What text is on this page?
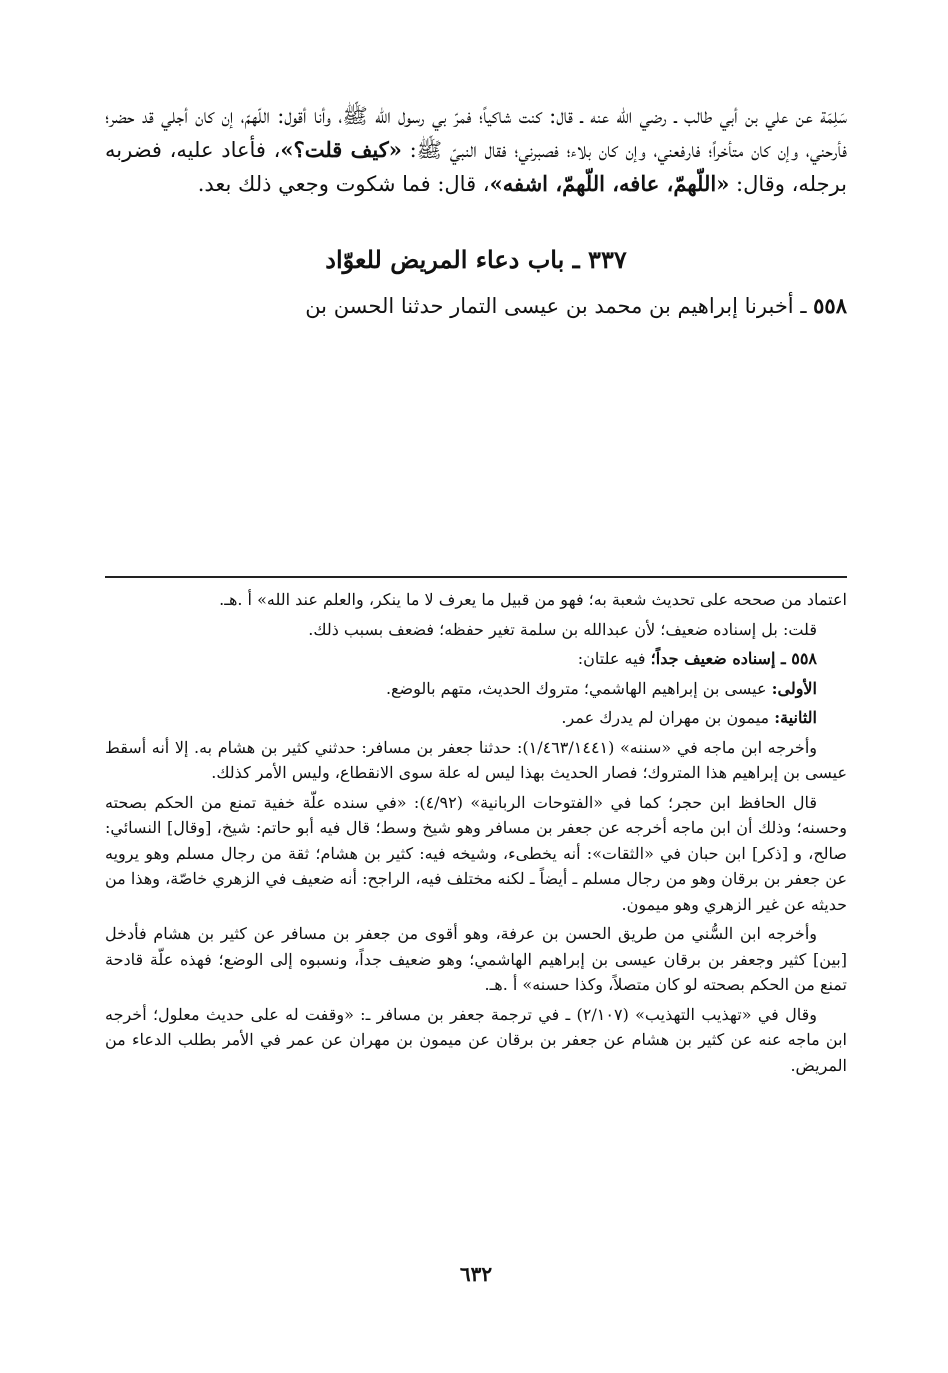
سَلِمَة عن علي بن أبي طالب ـ رضي الله عنه ـ قال: كنت شاكياً؛ فمرّ بي رسول الله ﷺ، وأنا أقول: اللّهمّ، إن كان أجلي قد حضر؛ فأرحني، وإن كان متأخراً؛ فارفعني، وإن كان بلاء؛ فصبرني؛ فقال النبيّ ﷺ: «كيف قلت؟»، فأعاد عليه، فضربه برجله، وقال: «اللّهمّ، عافه، اللّهمّ، اشفه»، قال: فما شكوت وجعي ذلك بعد.

٣٣٧ ـ باب دعاء المريض للعوّاد

٥٥٨ ـ أخبرنا إبراهيم بن محمد بن عيسى التمار حدثنا الحسن بن

اعتماد من صححه على تحديث شعبة به؛ فهو من قبيل ما يعرف لا ما ينكر، والعلم عند الله» أ .هـ.

قلت: بل إسناده ضعيف؛ لأن عبدالله بن سلمة تغير حفظه؛ فضعف بسبب ذلك.

٥٥٨ ـ إسناده ضعيف جداً؛ فيه علتان:

الأولى: عيسى بن إبراهيم الهاشمي؛ متروك الحديث، متهم بالوضع.

الثانية: ميمون بن مهران لم يدرك عمر.

وأخرجه ابن ماجه في «سننه» (١/٤٦٣/١٤٤١): حدثنا جعفر بن مسافر: حدثني كثير بن هشام به. إلا أنه أسقط عيسى بن إبراهيم هذا المتروك؛ فصار الحديث بهذا ليس له علة سوى الانقطاع، وليس الأمر كذلك.

قال الحافظ ابن حجر؛ كما في «الفتوحات الربانية» (٤/٩٢): «في سنده علّة خفية تمنع من الحكم بصحته وحسنه؛ وذلك أن ابن ماجه أخرجه عن جعفر بن مسافر وهو شيخ وسط؛ قال فيه أبو حاتم: شيخ، [وقال] النسائي: صالح، و [ذكر] ابن حبان في «الثقات»: أنه يخطىء، وشيخه فيه: كثير بن هشام؛ ثقة من رجال مسلم وهو يرويه عن جعفر بن برقان وهو من رجال مسلم ـ أيضاً ـ لكنه مختلف فيه، الراجح: أنه ضعيف في الزهري خاصّة، وهذا من حديثه عن غير الزهري وهو ميمون.

وأخرجه ابن السُّني من طريق الحسن بن عرفة، وهو أقوى من جعفر بن مسافر عن كثير بن هشام فأدخل [بين] كثير وجعفر بن برقان عيسى بن إبراهيم الهاشمي؛ وهو ضعيف جداً، ونسبوه إلى الوضع؛ فهذه علّة قادحة تمنع من الحكم بصحته لو كان متصلاً، وكذا حسنه» أ .هـ.

وقال في «تهذيب التهذيب» (٢/١٠٧) ـ في ترجمة جعفر بن مسافر ـ: «وقفت له على حديث معلول؛ أخرجه ابن ماجه عنه عن كثير بن هشام عن جعفر بن برقان عن ميمون بن مهران عن عمر في الأمر بطلب الدعاء من المريض.

٦٣٢
